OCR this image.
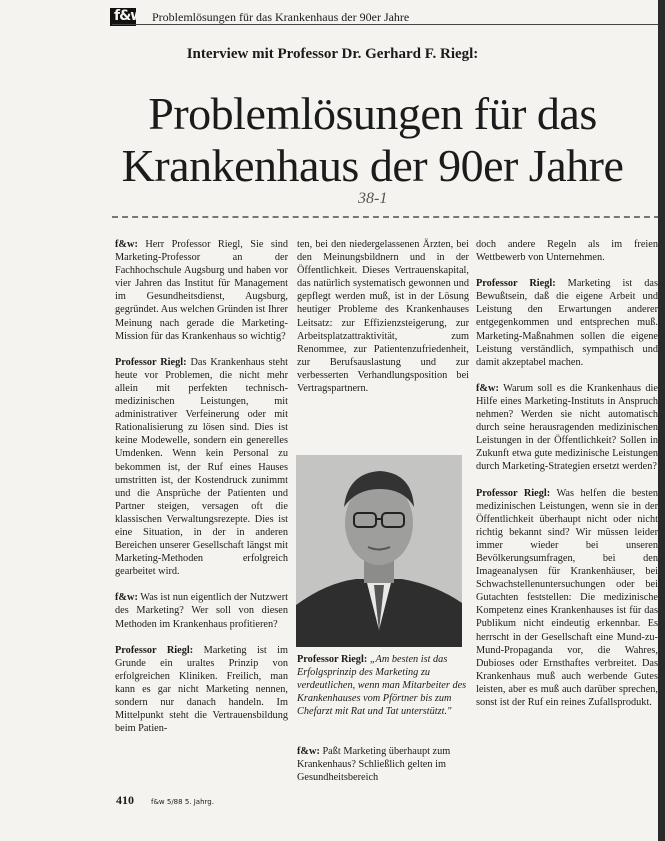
f&w Problemlösungen für das Krankenhaus der 90er Jahre
Interview mit Professor Dr. Gerhard F. Riegl:
Problemlösungen für das
Krankenhaus der 90er Jahre
38-1

f&w: Herr Professor Riegl, Sie sind Marketing-Professor an der Fachhochschule Augsburg und haben vor vier Jahren das Institut für Management im Gesundheitsdienst, Augsburg, gegründet. Aus welchen Gründen ist Ihrer Meinung nach gerade die Marketing-Mission für das Krankenhaus so wichtig?

Professor Riegl: Das Krankenhaus steht heute vor Problemen, die nicht mehr allein mit perfekten technisch-medizinischen Leistungen, mit administrativer Verfeinerung oder mit Rationalisierung zu lösen sind. Dies ist keine Modewelle, sondern ein generelles Umdenken. Wenn kein Personal zu bekommen ist, der Ruf eines Hauses umstritten ist, der Kostendruck zunimmt und die Ansprüche der Patienten und Partner steigen, versagen oft die klassischen Verwaltungsrezepte. Dies ist eine Situation, in der in anderen Bereichen unserer Gesellschaft längst mit Marketing-Methoden erfolgreich gearbeitet wird.

f&w: Was ist nun eigentlich der Nutzwert des Marketing? Wer soll von diesen Methoden im Krankenhaus profitieren?

Professor Riegl: Marketing ist im Grunde ein uraltes Prinzip von erfolgreichen Kliniken. Freilich, man kann es gar nicht Marketing nennen, sondern nur danach handeln. Im Mittelpunkt steht die Vertrauensbildung beim Patien-

ten, bei den niedergelassenen Ärzten, bei den Meinungsbildnern und in der Öffentlichkeit. Dieses Vertrauenskapital, das natürlich systematisch gewonnen und gepflegt werden muß, ist in der Lösung heutiger Probleme des Krankenhauses Leitsatz: zur Effizienzsteigerung, zur Arbeitsplatzattraktivität, zum Renommee, zur Patientenzufriedenheit, zur Berufsauslastung und zur verbesserten Verhandlungsposition bei Vertragspartnern.

Professor Riegl: „Am besten ist das Erfolgsprinzip des Marketing zu verdeutlichen, wenn man Mitarbeiter des Krankenhauses vom Pförtner bis zum Chefarzt mit Rat und Tat unterstützt."
f&w: Paßt Marketing überhaupt zum Krankenhaus? Schließlich gelten im Gesundheitsbereich

doch andere Regeln als im freien Wettbewerb von Unternehmen.

Professor Riegl: Marketing ist das Bewußtsein, daß die eigene Arbeit und Leistung den Erwartungen anderer entgegenkommen und entsprechen muß. Marketing-Maßnahmen sollen die eigene Leistung verständlich, sympathisch und damit akzeptabel machen.

f&w: Warum soll es die Krankenhaus die Hilfe eines Marketing-Instituts in Anspruch nehmen? Werden sie nicht automatisch durch seine herausragenden medizinischen Leistungen in der Öffentlichkeit? Sollen in Zukunft etwa gute medizinische Leistungen durch Marketing-Strategien ersetzt werden?

Professor Riegl: Was helfen die besten medizinischen Leistungen, wenn sie in der Öffentlichkeit überhaupt nicht oder nicht richtig bekannt sind? Wir müssen leider immer wieder bei unseren Bevölkerungsumfragen, bei den Imageanalysen für Krankenhäuser, bei Schwachstellenuntersuchungen oder bei Gutachten feststellen: Die medizinische Kompetenz eines Krankenhauses ist für das Publikum nicht eindeutig erkennbar. Es herrscht in der Gesellschaft eine Mund-zu-Mund-Propaganda vor, die Wahres, Dubioses oder Ernsthaftes verbreitet. Das Krankenhaus muß auch werbende Gutes leisten, aber es muß auch darüber sprechen, sonst ist der Ruf ein reines Zufallsprodukt.

410 f&w 5/88 5. Jahrg.
